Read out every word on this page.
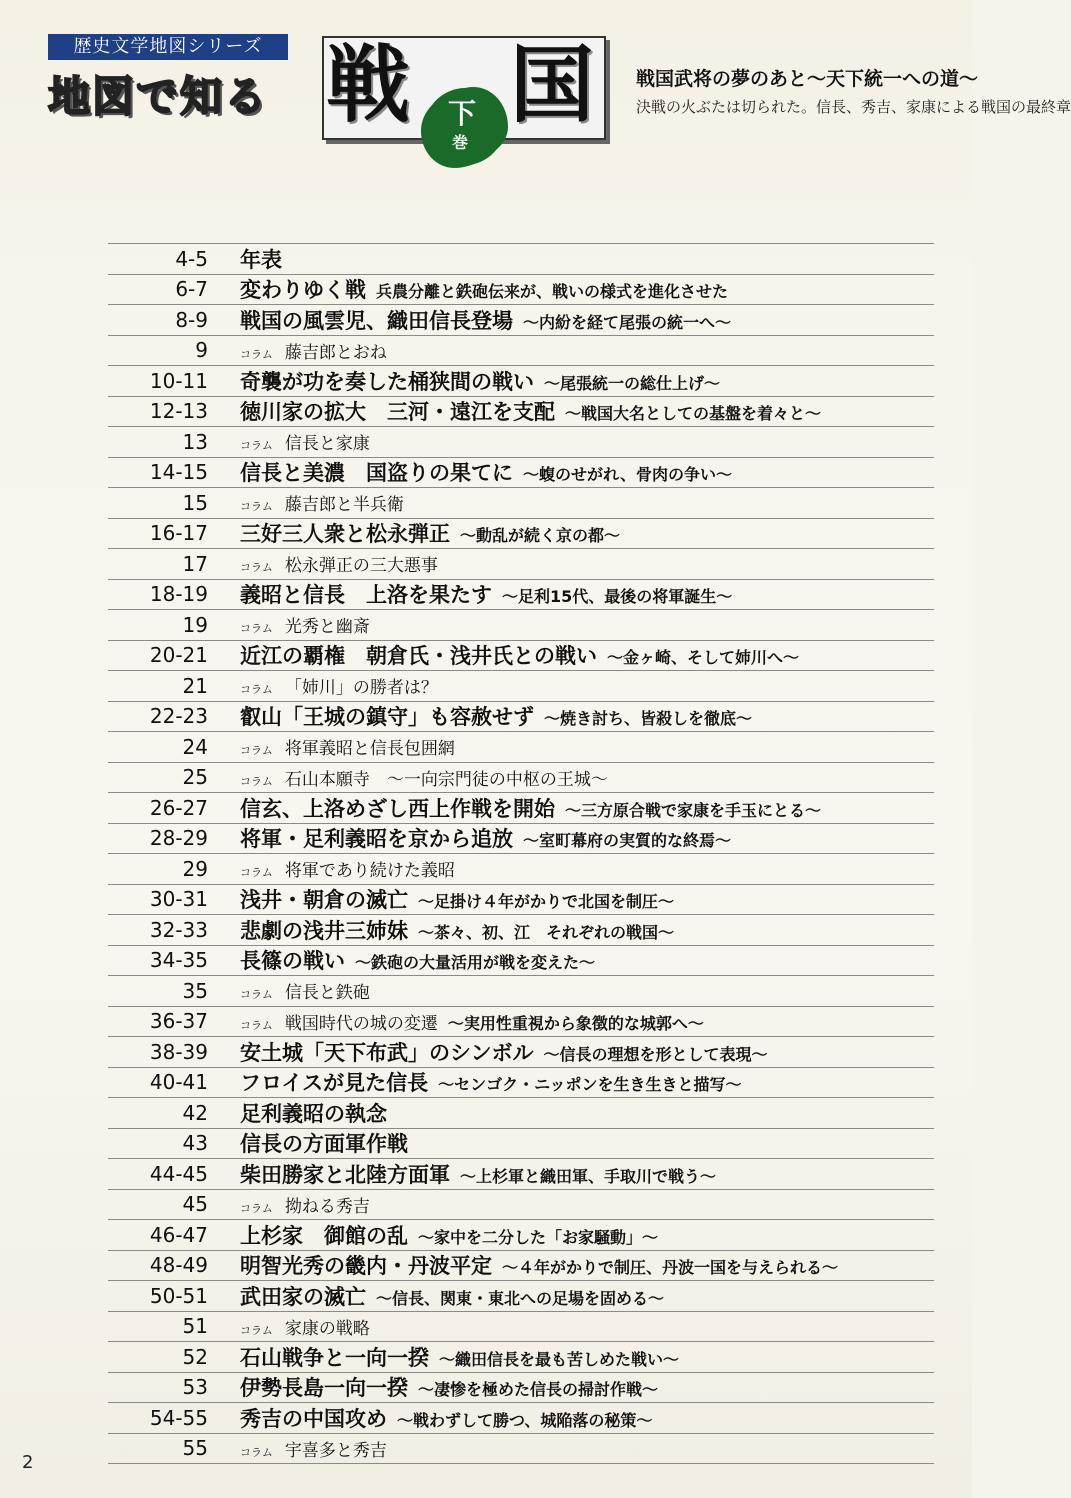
歴史文学地図シリーズ
地図で知る 戦 国
下
巻
戦国武将の夢のあと〜天下統一への道〜
決戦の火ぶたは切られた。信長、秀吉、家康による戦国の最終章
4-5 年表
6-7 変わりゆく戦 兵農分離と鉄砲伝来が、戦いの様式を進化させた
8-9 戦国の風雲児、織田信長登場 〜内紛を経て尾張の統一へ〜
9	コラム 藤吉郎とおね
10-11 奇襲が功を奏した桶狭間の戦い 〜尾張統一の総仕上げ〜
12-13 徳川家の拡大　三河・遠江を支配 〜戦国大名としての基盤を着々と〜
13	コラム 信長と家康
14-15 信長と美濃　国盗りの果てに 〜蝮のせがれ、骨肉の争い〜
15	コラム 藤吉郎と半兵衛
16-17 三好三人衆と松永弾正 〜動乱が続く京の都〜
17	コラム 松永弾正の三大悪事
18-19 義昭と信長　上洛を果たす 〜足利15代、最後の将軍誕生〜
19	コラム 光秀と幽斎
20-21 近江の覇権　朝倉氏・浅井氏との戦い 〜金ヶ崎、そして姉川へ〜
21	コラム 「姉川」の勝者は？
22-23 叡山「王城の鎮守」も容赦せず 〜焼き討ち、皆殺しを徹底〜
24	コラム 将軍義昭と信長包囲網
25	コラム 石山本願寺　〜一向宗門徒の中枢の王城〜
26-27 信玄、上洛めざし西上作戦を開始 〜三方原合戦で家康を手玉にとる〜
28-29 将軍・足利義昭を京から追放 〜室町幕府の実質的な終焉〜
29	コラム 将軍であり続けた義昭
30-31 浅井・朝倉の滅亡 〜足掛け４年がかりで北国を制圧〜
32-33 悲劇の浅井三姉妹 〜茶々、初、江　それぞれの戦国〜
34-35 長篠の戦い 〜鉄砲の大量活用が戦を変えた〜
35	コラム 信長と鉄砲
36-37	コラム 戦国時代の城の変遷 〜実用性重視から象徴的な城郭へ〜
38-39 安土城「天下布武」のシンボル 〜信長の理想を形として表現〜
40-41 フロイスが見た信長 〜センゴク・ニッポンを生き生きと描写〜
42 足利義昭の執念
43 信長の方面軍作戦
44-45 柴田勝家と北陸方面軍 〜上杉軍と織田軍、手取川で戦う〜
45	コラム 拗ねる秀吉
46-47 上杉家　御館の乱 〜家中を二分した「お家騒動」〜
48-49 明智光秀の畿内・丹波平定 〜４年がかりで制圧、丹波一国を与えられる〜
50-51 武田家の滅亡 〜信長、関東・東北への足場を固める〜
51	コラム 家康の戦略
52 石山戦争と一向一揆 〜織田信長を最も苦しめた戦い〜
53 伊勢長島一向一揆 〜凄惨を極めた信長の掃討作戦〜
54-55 秀吉の中国攻め 〜戦わずして勝つ、城陥落の秘策〜
55	コラム 宇喜多と秀吉
2
